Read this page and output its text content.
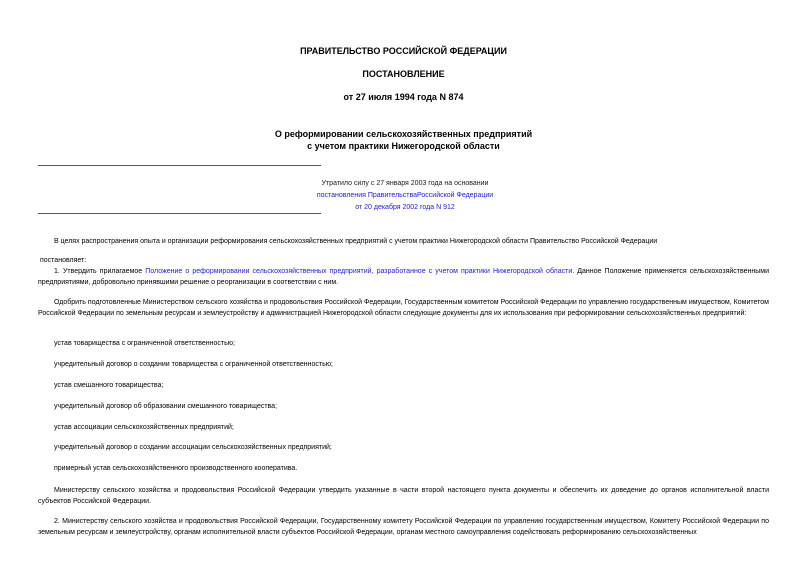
ПРАВИТЕЛЬСТВО РОССИЙСКОЙ ФЕДЕРАЦИИ
ПОСТАНОВЛЕНИЕ
от 27 июля 1994 года N 874
О реформировании сельскохозяйственных предприятий
с учетом практики Нижегородской области
Утратило силу с 27 января 2003 года на основании
постановления ПравительстваРоссийской Федерации
от 20 декабря 2002 года N 912
В целях распространения опыта и организации реформирования сельскохозяйственных предприятий с учетом практики Нижегородской области Правительство Российской Федерации
постановляет:
1. Утвердить прилагаемое Положение о реформировании сельскохозяйственных предприятий, разработанное с учетом практики Нижегородской области. Данное Положение применяется сельскохозяйственными предприятиями, добровольно принявшими решение о реорганизации в соответствии с ним.
Одобрить подготовленные Министерством сельского хозяйства и продовольствия Российской Федерации, Государственным комитетом Российской Федерации по управлению государственным имуществом, Комитетом Российской Федерации по земельным ресурсам и землеустройству и администрацией Нижегородской области следующие документы для их использования при реформировании сельскохозяйственных предприятий:
устав товарищества с ограниченной ответственностью;
учредительный договор о создании товарищества с ограниченной ответственностью;
устав смешанного товарищества;
учредительный договор об образовании смешанного товарищества;
устав ассоциации сельскохозяйственных предприятий;
учредительный договор о создании ассоциации сельскохозяйственных предприятий;
примерный устав сельскохозяйственного производственного кооператива.
Министерству сельского хозяйства и продовольствия Российской Федерации утвердить указанные в части второй настоящего пункта документы и обеспечить их доведение до органов исполнительной власти субъектов Российской Федерации.
2. Министерству сельского хозяйства и продовольствия Российской Федерации, Государственному комитету Российской Федерации по управлению государственным имуществом, Комитету Российской Федерации по земельным ресурсам и землеустройству, органам исполнительной власти субъектов Российской Федерации, органам местного самоуправления содействовать реформированию сельскохозяйственных
